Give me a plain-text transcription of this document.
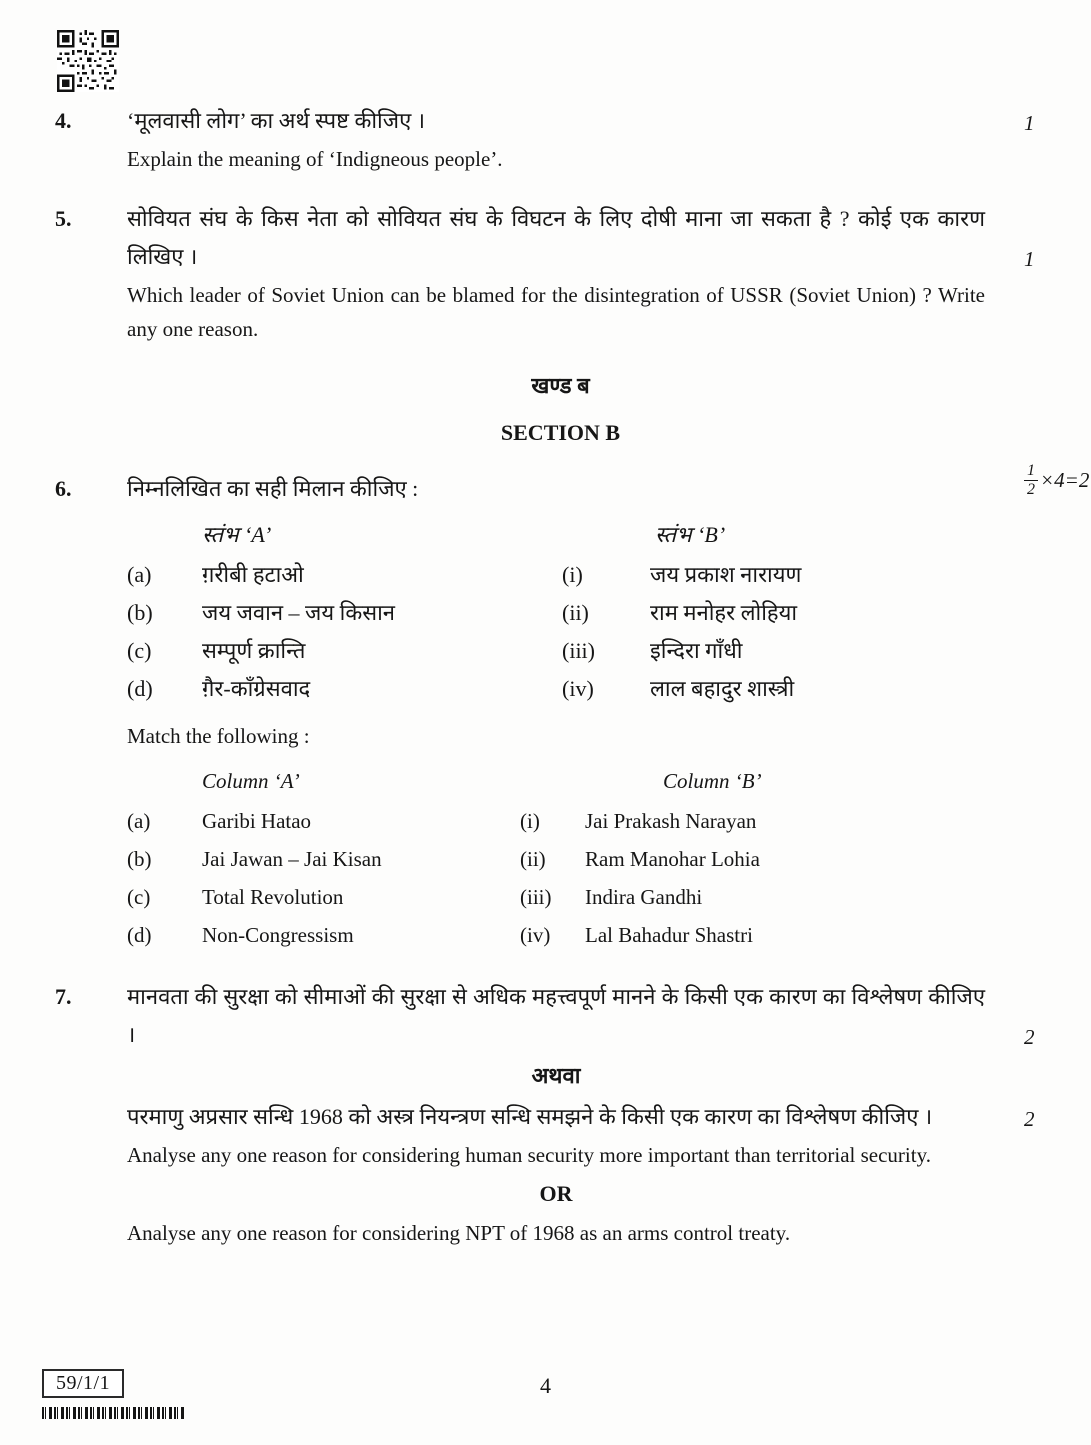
4.	‘मूलवासी लोग’ का अर्थ स्पष्ट कीजिए ।	1

Explain the meaning of ‘Indigneous people’.

5.	सोवियत संघ के किस नेता को सोवियत संघ के विघटन के लिए दोषी माना जा सकता है ? कोई एक कारण लिखिए ।	1

Which leader of Soviet Union can be blamed for the disintegration of USSR (Soviet Union) ? Write any one reason.

खण्ड ब
SECTION B
6.	निम्नलिखित का सही मिलान कीजिए :	$\frac{1}{2} \times 4=2$
स्तंभ ‘A’	स्तंभ ‘B’
(a)	ग़रीबी हटाओ	(i)	जय प्रकाश नारायण
(b)	जय जवान – जय किसान	(ii)	राम मनोहर लोहिया
(c)	सम्पूर्ण क्रान्ति	(iii)	इन्दिरा गाँधी
(d)	ग़ैर-काँग्रेसवाद	(iv)	लाल बहादुर शास्त्री

Match the following :

Column ‘A’	Column ‘B’
(a)	Garibi Hatao	(i)	Jai Prakash Narayan
(b)	Jai Jawan – Jai Kisan	(ii)	Ram Manohar Lohia
(c)	Total Revolution	(iii)	Indira Gandhi
(d)	Non-Congressism	(iv)	Lal Bahadur Shastri
7.	मानवता की सुरक्षा को सीमाओं की सुरक्षा से अधिक महत्त्वपूर्ण मानने के किसी एक कारण का विश्लेषण कीजिए ।	2
अथवा

परमाणु अप्रसार सन्धि 1968 को अस्त्र नियन्त्रण सन्धि समझने के किसी एक कारण का विश्लेषण कीजिए ।	2

Analyse any one reason for considering human security more important than territorial security.

OR

Analyse any one reason for considering NPT of 1968 as an arms control treaty.

59/1/1	4
